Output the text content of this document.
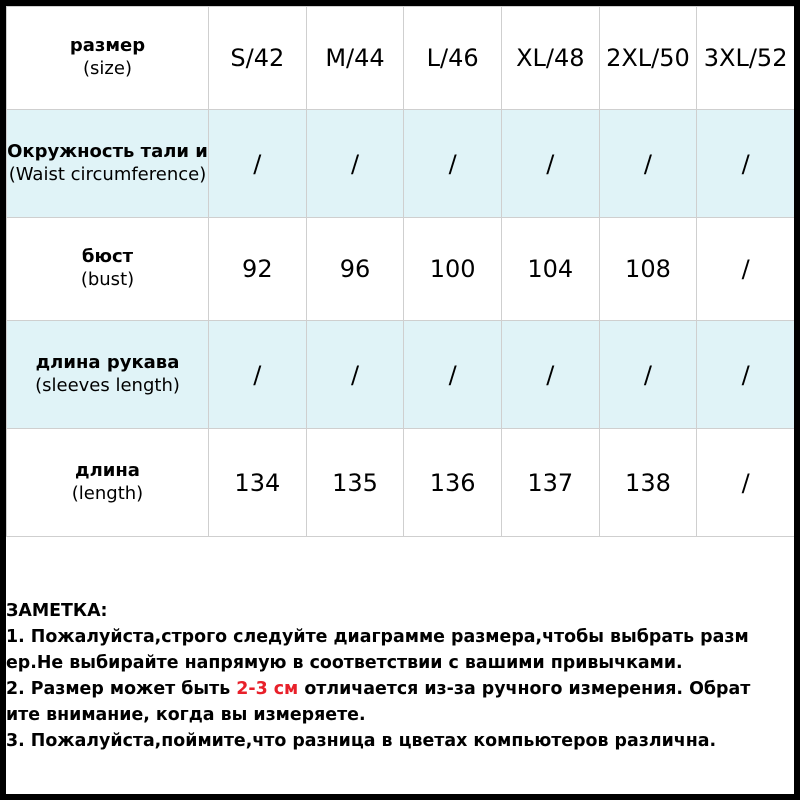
размер
(size)	S/42	M/44	L/46	XL/48	2XL/50	3XL/52

Окружность тали и
(Waist circumference)	/	/	/	/	/	/

бюст
(bust)	92	96	100	104	108	/

длина рукава
(sleeves length)	/	/	/	/	/	/

длина
(length)	134	135	136	137	138	/
ЗАМЕТКА:
1. Пожалуйста,строго следуйте диаграмме размера,чтобы выбрать разм
ер.Не выбирайте напрямую в соответствии с вашими привычками.
2. Размер может быть 2-3 см отличается из-за ручного измерения. Обрат
ите внимание, когда вы измеряете.
3. Пожалуйста,поймите,что разница в цветах компьютеров различна.
